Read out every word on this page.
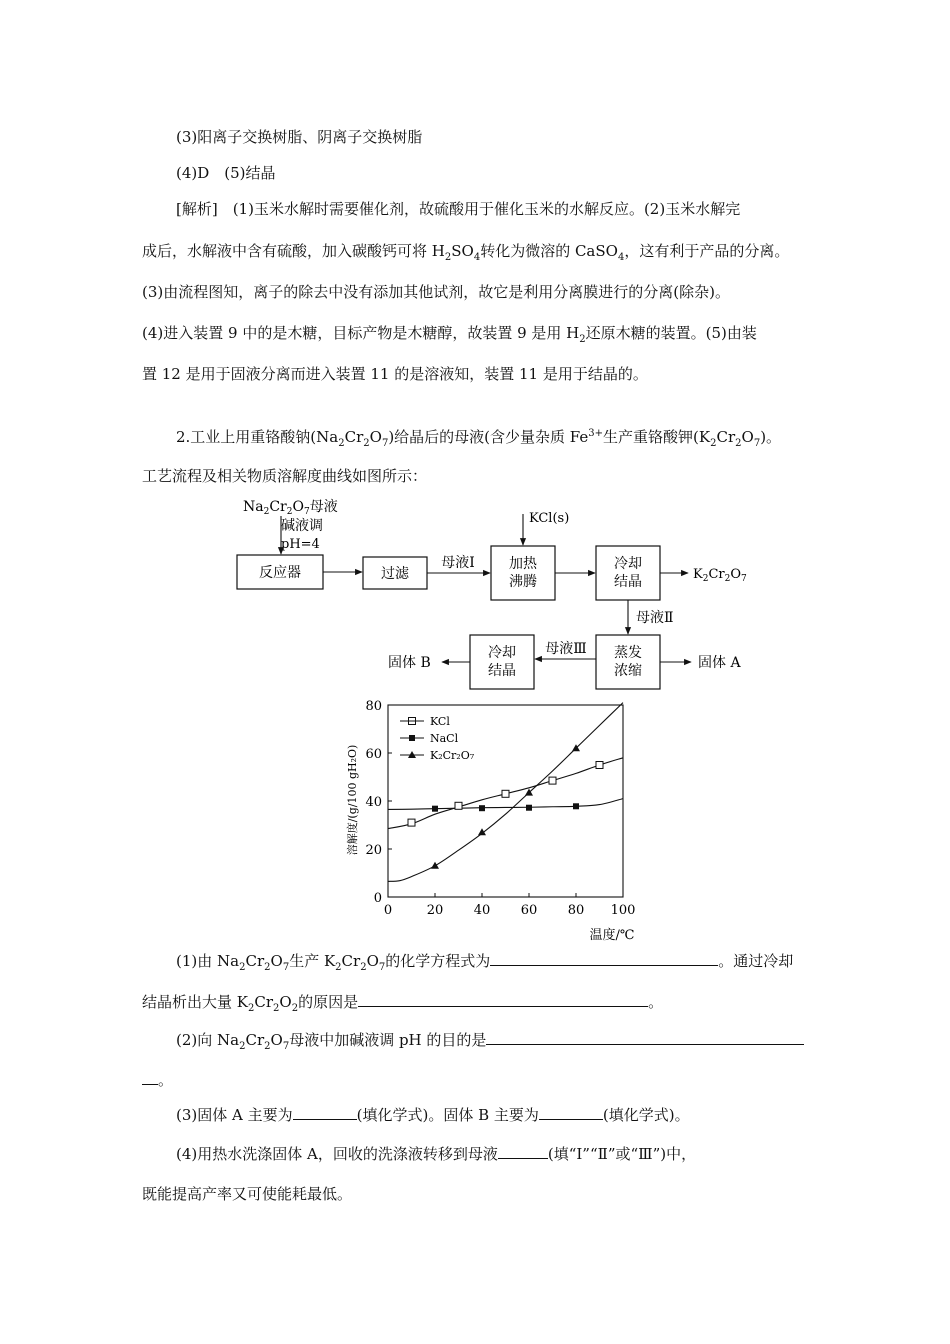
(3)阳离子交换树脂、阴离子交换树脂
(4)D　(5)结晶
[解析]　(1)玉米水解时需要催化剂，故硫酸用于催化玉米的水解反应。(2)玉米水解完
成后，水解液中含有硫酸，加入碳酸钙可将 $H_2SO_4$转化为微溶的 CaSO$_4$，这有利于产品的分离。
(3)由流程图知，离子的除去中没有添加其他试剂，故它是利用分离膜进行的分离(除杂)。
(4)进入装置 9 中的是木糖，目标产物是木糖醇，故装置 9 是用 $H_2$还原木糖的装置。(5)由装
置 12 是用于固液分离而进入装置 11 的是溶液知，装置 11 是用于结晶的。
2.工业上用重铬酸钠$(Na_2Cr_2O_7)$给晶后的母液(含少量杂质 $Fe^{3+}$生产重铬酸钾$(K_2Cr_2O_7)$。
工艺流程及相关物质溶解度曲线如图所示：
$Na_2Cr_2O_7$母液
碱液调
pH=4
反应器	过滤
母液Ⅰ 加热
沸腾
KCl(s)
冷却
结晶	$K_2Cr_2O_7$
母液Ⅱ
蒸发
浓缩	固体 A
母液Ⅲ
冷却
结晶
固体 B
0	20 40 60 80 100
0
20
40
60
80
KCl
NaCl
K₂Cr₂O₇
溶解度/(g/100 gH₂O)
温度/℃
(1)由 $Na_2Cr_2O_7$生产 $K_2Cr_2O_7$的化学方程式为	。通过冷却
结晶析出大量 $K_2Cr_2O_2$的原因是	。
(2)向 $Na_2Cr_2O_7$母液中加碱液调 pH 的目的是
。
(3)固体 A 主要为	(填化学式)。固体 B 主要为	(填化学式)。
(4)用热水洗涤固体 A，回收的洗涤液转移到母液	(填“Ⅰ”“Ⅱ”或“Ⅲ”)中，
既能提高产率又可使能耗最低。
